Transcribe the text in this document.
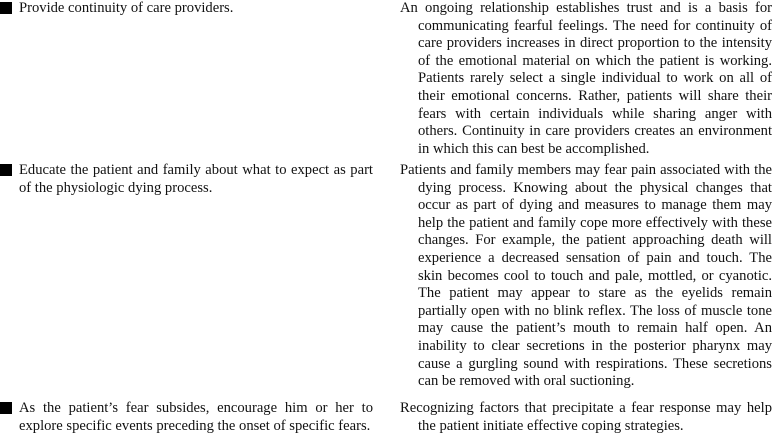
Provide continuity of care providers.	An ongoing relationship establishes trust and is a basis for communicating fearful feelings. The need for continuity of care providers increases in direct proportion to the intensity of the emotional material on which the patient is working. Patients rarely select a single individual to work on all of their emotional concerns. Rather, patients will share their fears with certain individuals while sharing anger with others. Continuity in care providers creates an environment in which this can best be accomplished.
Educate the patient and family about what to expect as part of the physiologic dying process.
Patients and family members may fear pain associated with the dying process. Knowing about the physical changes that occur as part of dying and measures to manage them may help the patient and family cope more effectively with these changes. For example, the patient approaching death will experience a decreased sensation of pain and touch. The skin becomes cool to touch and pale, mottled, or cyanotic. The patient may appear to stare as the eyelids remain partially open with no blink reflex. The loss of muscle tone may cause the patient’s mouth to remain half open. An inability to clear secretions in the posterior pharynx may cause a gurgling sound with respirations. These secretions can be removed with oral suctioning.
As the patient’s fear subsides, encourage him or her to explore specific events preceding the onset of specific fears.
Recognizing factors that precipitate a fear response may help the patient initiate effective coping strategies.
